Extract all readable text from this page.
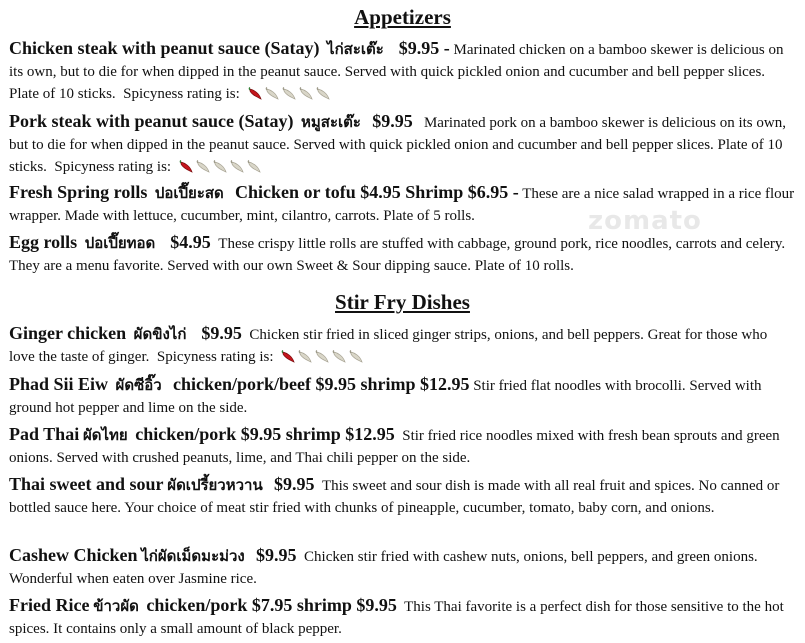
Appetizers
Chicken steak with peanut sauce (Satay) ไก่สะเต๊ะ $9.95 - Marinated chicken on a bamboo skewer is delicious on its own, but to die for when dipped in the peanut sauce. Served with quick pickled onion and cucumber and bell pepper slices. Plate of 10 sticks. Spicyness rating is:
Pork steak with peanut sauce (Satay) หมูสะเต๊ะ $9.95 Marinated pork on a bamboo skewer is delicious on its own, but to die for when dipped in the peanut sauce. Served with quick pickled onion and cucumber and bell pepper slices. Plate of 10 sticks. Spicyness rating is:
Fresh Spring rolls ปอเปี๊ยะสด Chicken or tofu $4.95 Shrimp $6.95 - These are a nice salad wrapped in a rice flour wrapper. Made with lettuce, cucumber, mint, cilantro, carrots. Plate of 5 rolls.
Egg rolls ปอเปี๊ยทอด $4.95 These crispy little rolls are stuffed with cabbage, ground pork, rice noodles, carrots and celery. They are a menu favorite. Served with our own Sweet & Sour dipping sauce. Plate of 10 rolls.
Stir Fry Dishes
Ginger chicken ผัดขิงไก่ $9.95 Chicken stir fried in sliced ginger strips, onions, and bell peppers. Great for those who love the taste of ginger. Spicyness rating is:
Phad Sii Eiw ผัดซีอิ๊ว chicken/pork/beef $9.95 shrimp $12.95 Stir fried flat noodles with brocolli. Served with ground hot pepper and lime on the side.
Pad Thai ผัดไทย chicken/pork $9.95 shrimp $12.95 Stir fried rice noodles mixed with fresh bean sprouts and green onions. Served with crushed peanuts, lime, and Thai chili pepper on the side.
Thai sweet and sour ผัดเปรี้ยวหวาน $9.95 This sweet and sour dish is made with all real fruit and spices. No canned or bottled sauce here. Your choice of meat stir fried with chunks of pineapple, cucumber, tomato, baby corn, and onions.
Cashew Chicken ไก่ผัดเม็ดมะม่วง $9.95 Chicken stir fried with cashew nuts, onions, bell peppers, and green onions. Wonderful when eaten over Jasmine rice.
Fried Rice ข้าวผัด chicken/pork $7.95 shrimp $9.95 This Thai favorite is a perfect dish for those sensitive to the hot spices. It contains only a small amount of black pepper.
zomato
